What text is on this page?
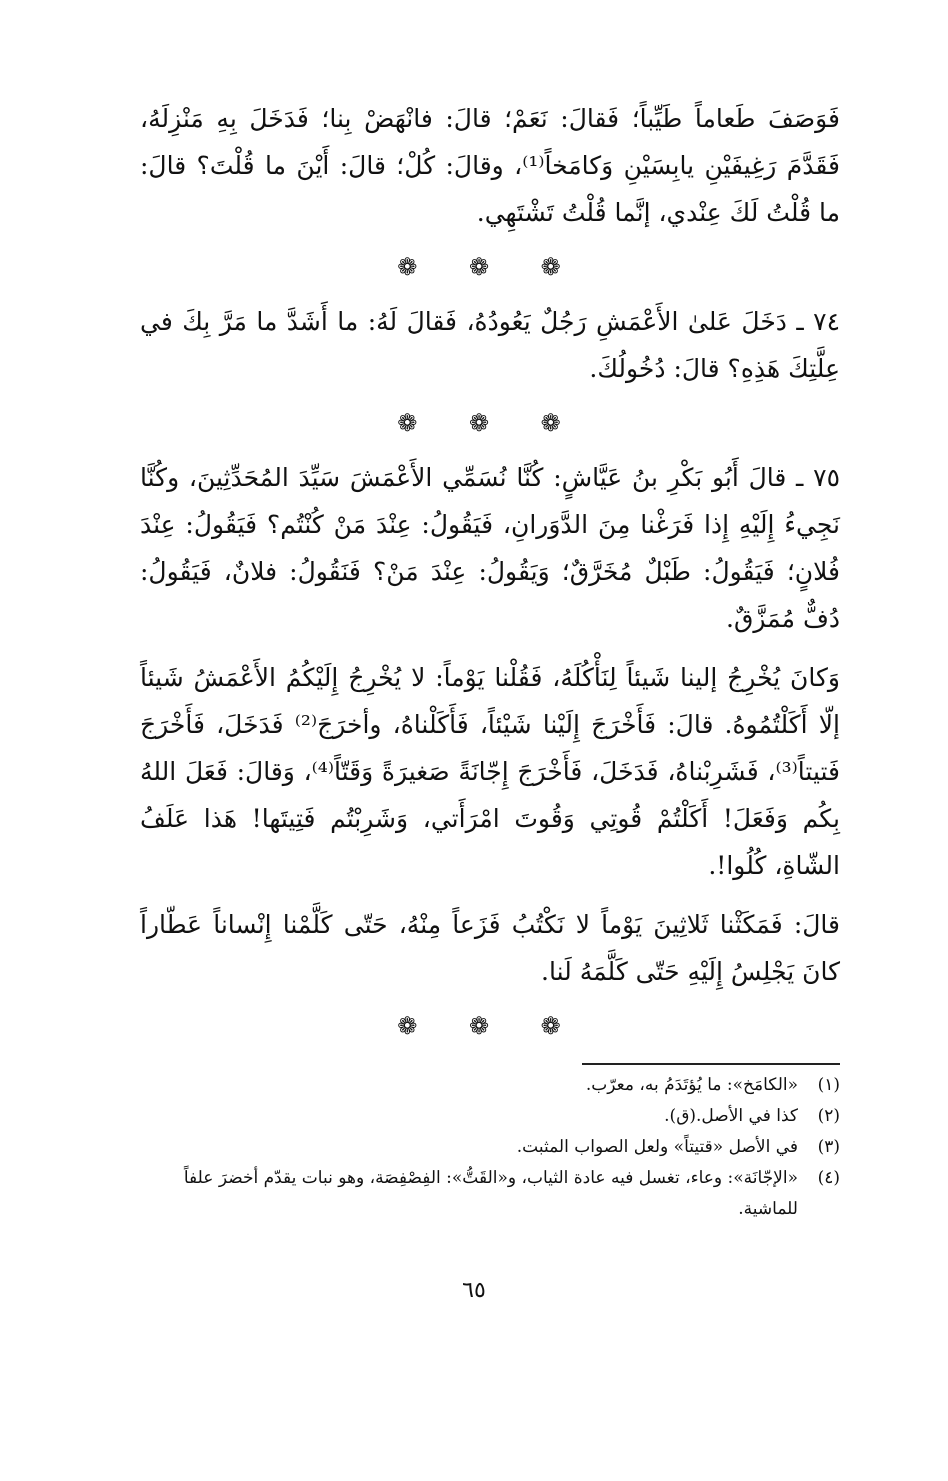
فَوَصَفَ طَعاماً طَيِّباً؛ فَقالَ: نَعَمْ؛ قالَ: فانْهَضْ بِنا؛ فَدَخَلَ بِهِ مَنْزِلَهُ، فَقَدَّمَ رَغِيفَيْنِ يابِسَيْنِ وَكامَخاً⁽¹⁾، وقالَ: كُلْ؛ قالَ: أَيْنَ ما قُلْتَ؟ قالَ: ما قُلْتُ لَكَ عِنْدي، إنَّما قُلْتُ تَشْتَهِي.

❁ ❁ ❁

٧٤ ـ دَخَلَ عَلىٰ الأَعْمَشِ رَجُلٌ يَعُودُهُ، فَقالَ لَهُ: ما أَشَدَّ ما مَرَّ بِكَ في عِلَّتِكَ هَذِهِ؟ قالَ: دُخُولُكَ.

❁ ❁ ❁

٧٥ ـ قالَ أَبُو بَكْرِ بنُ عَيَّاشٍ: كُنَّا نُسَمِّي الأَعْمَشَ سَيِّدَ المُحَدِّثِينَ، وكُنَّا نَجِيءُ إِلَيْهِ إِذا فَرَغْنا مِنَ الدَّوَرانِ، فَيَقُولُ: عِنْدَ مَنْ كُنْتُم؟ فَيَقُولُ: عِنْدَ فُلانٍ؛ فَيَقُولُ: طَبْلٌ مُخَرَّقٌ؛ وَيَقُولُ: عِنْدَ مَنْ؟ فَنَقُولُ: فلانٌ، فَيَقُولُ: دُفٌّ مُمَزَّقٌ.

وَكانَ يُخْرِجُ إلينا شَيئاً لِنَأْكُلَهُ، فَقُلْنا يَوْماً: لا يُخْرِجُ إِلَيْكُمُ الأَعْمَشُ شَيئاً إلّا أَكَلْتُمُوهُ. قالَ: فَأَخْرَجَ إِلَيْنا شَيْئاً، فَأَكَلْناهُ، وأخرَجَ⁽²⁾ فَدَخَلَ، فَأَخْرَجَ فَتيتاً⁽³⁾، فَشَرِبْناهُ، فَدَخَلَ، فَأَخْرَجَ إِجّانَةً صَغيرَةً وَقَتّاً⁽⁴⁾، وَقالَ: فَعَلَ اللهُ بِكُم وَفَعَلَ! أَكَلْتُمْ قُوتِي وَقُوتَ امْرَأَتي، وَشَرِبْتُم فَتِيتَها! هَذا عَلَفُ الشّاةِ، كُلُوا!.

قالَ: فَمَكَثْنا ثَلاثِينَ يَوْماً لا نَكْتُبُ فَزَعاً مِنْهُ، حَتّى كَلَّمْنا إِنْساناً عَطّاراً كانَ يَجْلِسُ إِلَيْهِ حَتّى كَلَّمَهُ لَنا.

❁ ❁ ❁
(١)
«الكامَخ»: ما يُؤتَدَمُ به، معرّب.
(٢)
كذا في الأصل.(ق).
(٣)
في الأصل «قتيتاً» ولعل الصواب المثبت.
(٤)
«الإجّانَة»: وعاء، تغسل فيه عادة الثياب، و«القَتُّ»: الفِصْفِصَة، وهو نبات يقدّم أخضرَ علفاً للماشية.
٦٥
